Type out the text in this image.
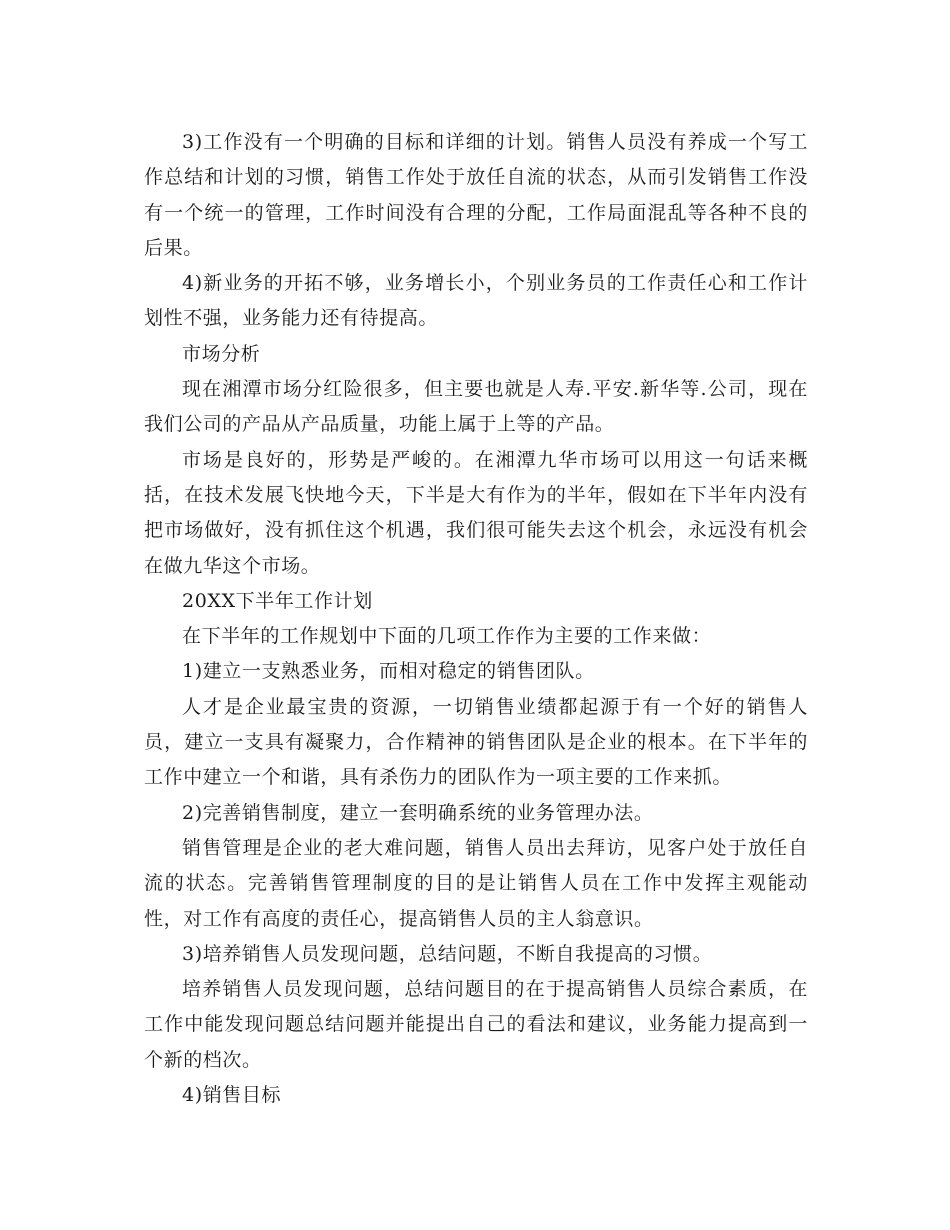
3)工作没有一个明确的目标和详细的计划。销售人员没有养成一个写工作总结和计划的习惯，销售工作处于放任自流的状态，从而引发销售工作没有一个统一的管理，工作时间没有合理的分配，工作局面混乱等各种不良的后果。

4)新业务的开拓不够，业务增长小，个别业务员的工作责任心和工作计划性不强，业务能力还有待提高。

市场分析

现在湘潭市场分红险很多，但主要也就是人寿.平安.新华等.公司，现在我们公司的产品从产品质量，功能上属于上等的产品。

市场是良好的，形势是严峻的。在湘潭九华市场可以用这一句话来概括，在技术发展飞快地今天，下半是大有作为的半年，假如在下半年内没有把市场做好，没有抓住这个机遇，我们很可能失去这个机会，永远没有机会在做九华这个市场。

20XX下半年工作计划

在下半年的工作规划中下面的几项工作作为主要的工作来做：

1)建立一支熟悉业务，而相对稳定的销售团队。

人才是企业最宝贵的资源，一切销售业绩都起源于有一个好的销售人员，建立一支具有凝聚力，合作精神的销售团队是企业的根本。在下半年的工作中建立一个和谐，具有杀伤力的团队作为一项主要的工作来抓。

2)完善销售制度，建立一套明确系统的业务管理办法。

销售管理是企业的老大难问题，销售人员出去拜访，见客户处于放任自流的状态。完善销售管理制度的目的是让销售人员在工作中发挥主观能动性，对工作有高度的责任心，提高销售人员的主人翁意识。

3)培养销售人员发现问题，总结问题，不断自我提高的习惯。

培养销售人员发现问题，总结问题目的在于提高销售人员综合素质，在工作中能发现问题总结问题并能提出自己的看法和建议，业务能力提高到一个新的档次。

4)销售目标
